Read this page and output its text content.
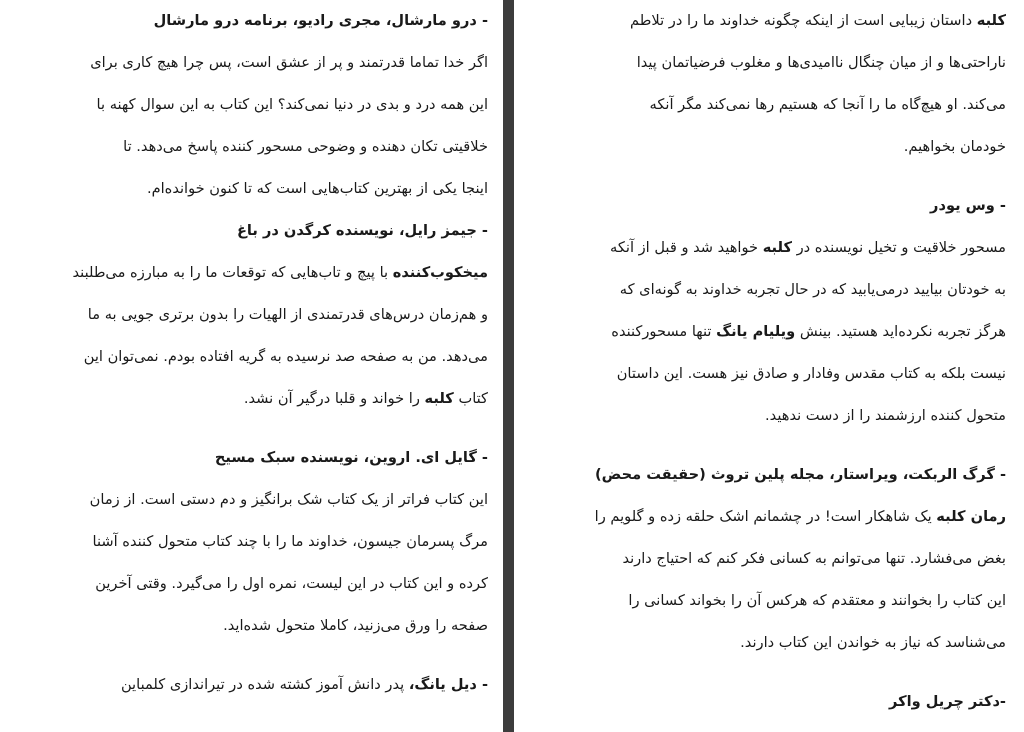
کلبه داستان زیبایی است از اینکه چگونه خداوند ما را در تلاطم

ناراحتی‌ها و از میان چنگال ناامیدی‌ها و مغلوب فرضیاتمان پیدا

می‌کند. او هیچ‌گاه ما را آنجا که هستیم رها نمی‌کند مگر آنکه

خودمان بخواهیم.

- وس یودر

مسحور خلاقیت و تخیل نویسنده در کلبه خواهید شد و قبل از آنکه

به خودتان بیایید درمی‌یابید که در حال تجربه خداوند به گونه‌ای که

هرگز تجربه نکرده‌اید هستید. بینش ویلیام یانگ تنها مسحورکننده

نیست بلکه به کتاب مقدس وفادار و صادق نیز هست. این داستان

متحول کننده ارزشمند را از دست ندهید.

- گرگ الربکت، ویراستار، مجله پلین تروث (حقیقت محض)

رمان کلبه یک شاهکار است! در چشمانم اشک حلقه زده و گلویم را

بغض می‌فشارد. تنها می‌توانم به کسانی فکر کنم که احتیاج دارند

این کتاب را بخوانند و معتقدم که هرکس آن را بخواند کسانی را

می‌شناسد که نیاز به خواندن این کتاب دارند.

-دکتر چریل واکر

- درو مارشال، مجری رادیو، برنامه درو مارشال

اگر خدا تماما قدرتمند و پر از عشق است، پس چرا هیچ کاری برای

این همه درد و بدی در دنیا نمی‌کند؟ این کتاب به این سوال کهنه با

خلاقیتی تکان دهنده و وضوحی مسحور کننده پاسخ می‌دهد. تا

اینجا یکی از بهترین کتاب‌هایی است که تا کنون خوانده‌ام.

- جیمز رایل، نویسنده کرگدن در باغ

میخکوب‌کننده با پیچ و تاب‌هایی که توقعات ما را به مبارزه می‌طلبند

و هم‌زمان درس‌های قدرتمندی از الهیات را بدون برتری جویی به ما

می‌دهد. من به صفحه صد نرسیده به گریه افتاده بودم. نمی‌توان این

کتاب کلبه را خواند و قلبا درگیر آن نشد.

- گایل ای. اروین، نویسنده سبک مسیح

این کتاب فراتر از یک کتاب شک برانگیز و دم دستی است. از زمان

مرگ پسرمان جیسون، خداوند ما را با چند کتاب متحول کننده آشنا

کرده و این کتاب در این لیست، نمره اول را می‌گیرد. وقتی آخرین

صفحه را ورق می‌زنید، کاملا متحول شده‌اید.

- دیل یانگ، پدر دانش آموز کشته شده در تیراندازی کلمباین
